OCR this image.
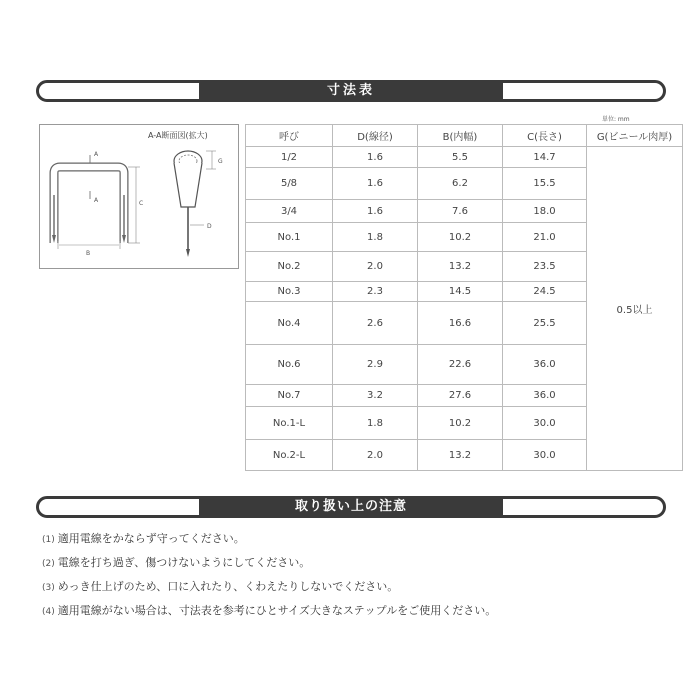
寸法表
単位: mm
A
A
B
C
G
D
A-A断面図(拡大)	呼び	D(線径)	B(内幅)	C(長さ)	G(ビニール肉厚)
1/2	1.6	5.5	14.7	0.5以上
5/8	1.6	6.2	15.5	
3/4	1.6	7.6	18.0	
No.1	1.8	10.2	21.0	
No.2	2.0	13.2	23.5	
No.3	2.3	14.5	24.5	
No.4	2.6	16.6	25.5	
No.6	2.9	22.6	36.0	
No.7	3.2	27.6	36.0	
No.1-L	1.8	10.2	30.0	
No.2-L	2.0	13.2	30.0	
取り扱い上の注意
(1) 適用電線をかならず守ってください。
(2) 電線を打ち過ぎ、傷つけないようにしてください。
(3) めっき仕上げのため、口に入れたり、くわえたりしないでください。
(4) 適用電線がない場合は、寸法表を参考にひとサイズ大きなステップルをご使用ください。
